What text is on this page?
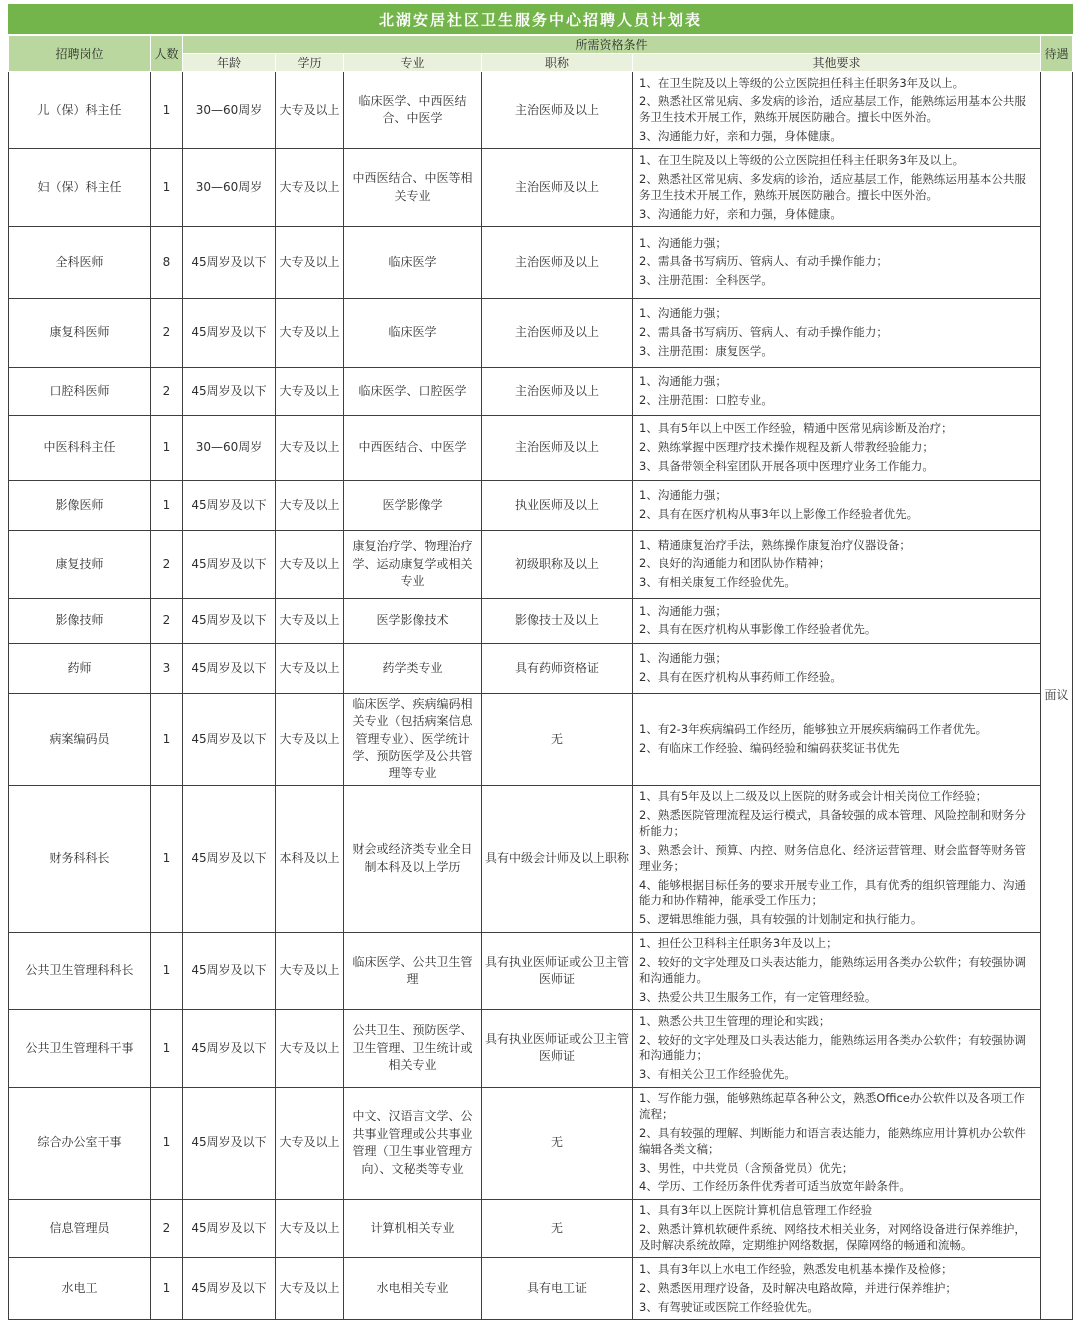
北湖安居社区卫生服务中心招聘人员计划表							
招聘岗位	人数	所需资格条件					待遇
		年龄	学历	专业	职称	其他要求	
儿（保）科主任	1	30—60周岁	大专及以上	临床医学、中西医结合、中医学	主治医师及以上	1、在卫生院及以上等级的公立医院担任科主任职务3年及以上。
2、熟悉社区常见病、多发病的诊治，适应基层工作，能熟练运用基本公共服务卫生技术开展工作，熟练开展医防融合。擅长中医外治。
3、沟通能力好，亲和力强，身体健康。	面议
妇（保）科主任	1	30—60周岁	大专及以上	中西医结合、中医等相关专业	主治医师及以上	1、在卫生院及以上等级的公立医院担任科主任职务3年及以上。
2、熟悉社区常见病、多发病的诊治，适应基层工作，能熟练运用基本公共服务卫生技术开展工作，熟练开展医防融合。擅长中医外治。
3、沟通能力好，亲和力强，身体健康。	

全科医师	8	45周岁及以下	大专及以上	临床医学	主治医师及以上	1、沟通能力强；
2、需具备书写病历、管病人、有动手操作能力；
3、注册范围：全科医学。	

康复科医师	2	45周岁及以下	大专及以上	临床医学	主治医师及以上	1、沟通能力强；
2、需具备书写病历、管病人、有动手操作能力；
3、注册范围：康复医学。	

口腔科医师	2	45周岁及以下	大专及以上	临床医学、口腔医学	主治医师及以上	1、沟通能力强；
2、注册范围：口腔专业。	

中医科科主任	1	30—60周岁	大专及以上	中西医结合、中医学	主治医师及以上	1、具有5年以上中医工作经验，精通中医常见病诊断及治疗；
2、熟练掌握中医理疗技术操作规程及新人带教经验能力；
3、具备带领全科室团队开展各项中医理疗业务工作能力。	

影像医师	1	45周岁及以下	大专及以上	医学影像学	执业医师及以上	1、沟通能力强；
2、具有在医疗机构从事3年以上影像工作经验者优先。	

康复技师	2	45周岁及以下	大专及以上	康复治疗学、物理治疗学、运动康复学或相关专业	初级职称及以上	1、精通康复治疗手法，熟练操作康复治疗仪器设备；
2、良好的沟通能力和团队协作精神；
3、有相关康复工作经验优先。	

影像技师	2	45周岁及以下	大专及以上	医学影像技术	影像技士及以上	1、沟通能力强；
2、具有在医疗机构从事影像工作经验者优先。	

药师	3	45周岁及以下	大专及以上	药学类专业	具有药师资格证	1、沟通能力强；
2、具有在医疗机构从事药师工作经验。	

病案编码员	1	45周岁及以下	大专及以上	临床医学、疾病编码相关专业（包括病案信息管理专业）、医学统计学、预防医学及公共管理等专业	无	1、有2-3年疾病编码工作经历，能够独立开展疾病编码工作者优先。
2、有临床工作经验、编码经验和编码获奖证书优先	

财务科科长	1	45周岁及以下	本科及以上	财会或经济类专业全日制本科及以上学历	具有中级会计师及以上职称	1、具有5年及以上二级及以上医院的财务或会计相关岗位工作经验；
2、熟悉医院管理流程及运行模式，具备较强的成本管理、风险控制和财务分析能力；
3、熟悉会计、预算、内控、财务信息化、经济运营管理、财会监督等财务管理业务；
4、能够根据目标任务的要求开展专业工作，具有优秀的组织管理能力、沟通能力和协作精神，能承受工作压力；
5、逻辑思维能力强，具有较强的计划制定和执行能力。	

公共卫生管理科科长	1	45周岁及以下	大专及以上	临床医学、公共卫生管理	具有执业医师证或公卫主管医师证	1、担任公卫科科主任职务3年及以上；
2、较好的文字处理及口头表达能力，能熟练运用各类办公软件；有较强协调和沟通能力。
3、热爱公共卫生服务工作，有一定管理经验。	

公共卫生管理科干事	1	45周岁及以下	大专及以上	公共卫生、预防医学、卫生管理、卫生统计或相关专业	具有执业医师证或公卫主管医师证	1、熟悉公共卫生管理的理论和实践；
2、较好的文字处理及口头表达能力，能熟练运用各类办公软件；有较强协调和沟通能力；
3、有相关公卫工作经验优先。	

综合办公室干事	1	45周岁及以下	大专及以上	中文、汉语言文学、公共事业管理或公共事业管理（卫生事业管理方向）、文秘类等专业	无	1、写作能力强，能够熟练起草各种公文，熟悉Office办公软件以及各项工作流程；
2、具有较强的理解、判断能力和语言表达能力，能熟练应用计算机办公软件编辑各类文稿；
3、男性，中共党员（含预备党员）优先；
4、学历、工作经历条件优秀者可适当放宽年龄条件。	

信息管理员	2	45周岁及以下	大专及以上	计算机相关专业	无	1、具有3年以上医院计算机信息管理工作经验
2、熟悉计算机软硬件系统、网络技术相关业务，对网络设备进行保养维护，及时解决系统故障，定期维护网络数据，保障网络的畅通和流畅。	

水电工	1	45周岁及以下	大专及以上	水电相关专业	具有电工证	1、具有3年以上水电工作经验，熟悉发电机基本操作及检修；
2、熟悉医用理疗设备，及时解决电路故障，并进行保养维护；
3、有驾驶证或医院工作经验优先。	
